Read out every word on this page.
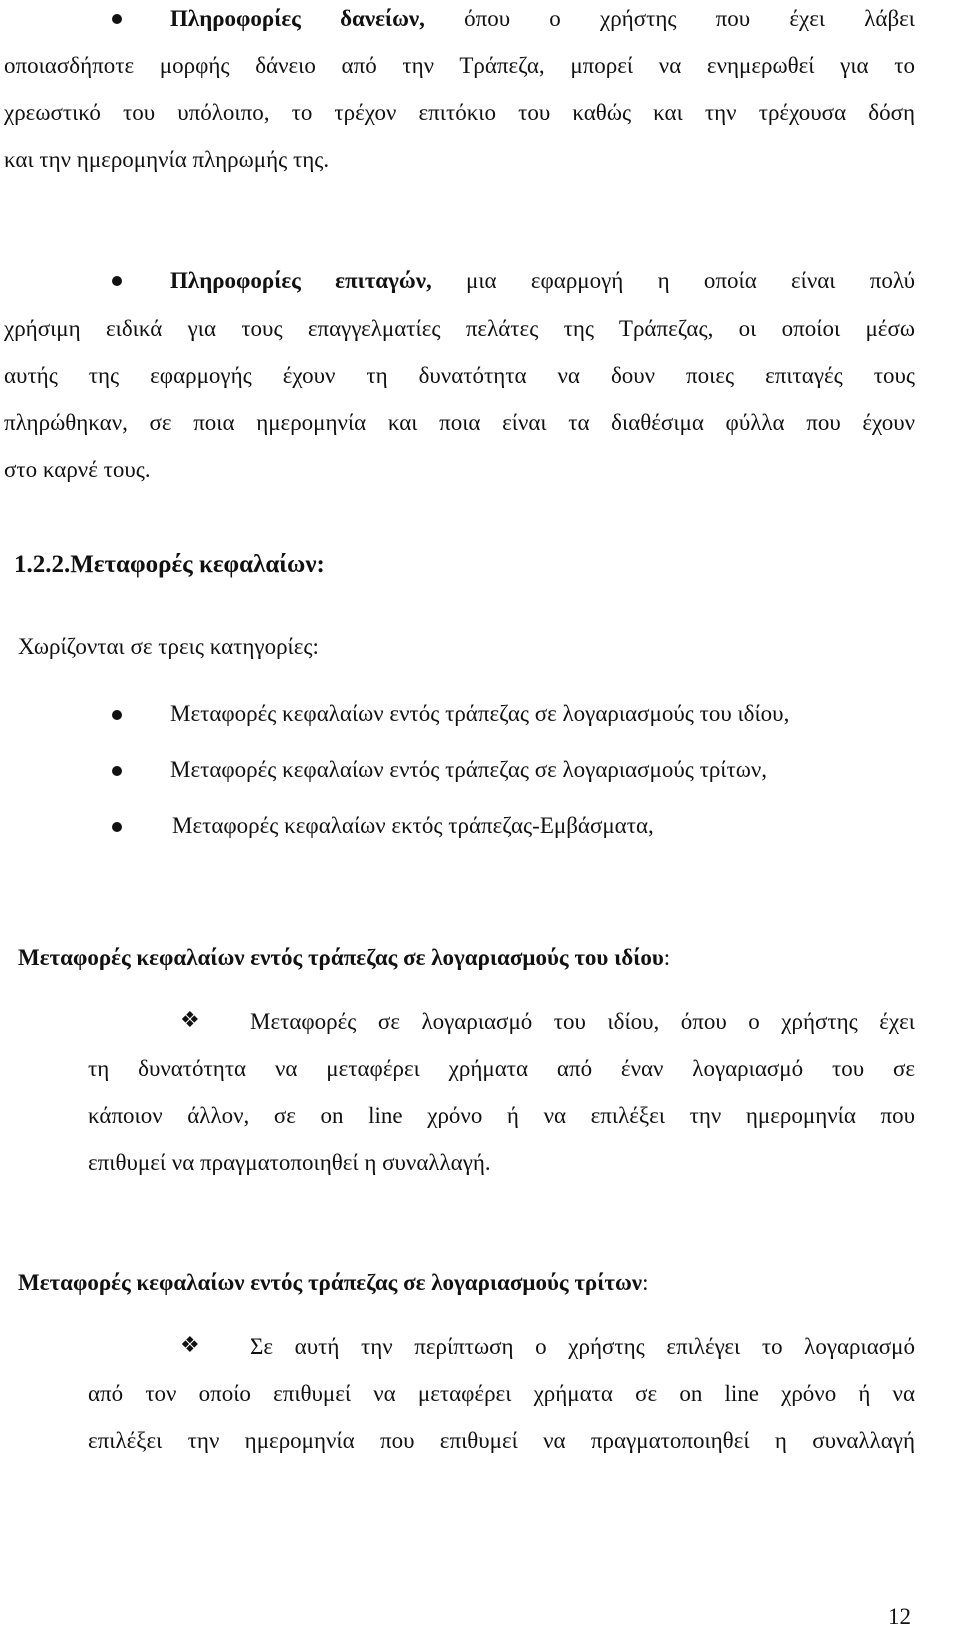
Πληροφορίες δανείων, όπου ο χρήστης που έχει λάβει
οποιασδήποτε μορφής δάνειο από την Τράπεζα, μπορεί να ενημερωθεί για το
χρεωστικό του υπόλοιπο, το τρέχον επιτόκιο του καθώς και την τρέχουσα δόση
και την ημερομηνία πληρωμής της.
Πληροφορίες επιταγών, μια εφαρμογή η οποία είναι πολύ
χρήσιμη ειδικά για τους επαγγελματίες πελάτες της Τράπεζας, οι οποίοι μέσω
αυτής της εφαρμογής έχουν τη δυνατότητα να δουν ποιες επιταγές τους
πληρώθηκαν, σε ποια ημερομηνία και ποια είναι τα διαθέσιμα φύλλα που έχουν
στο καρνέ τους.
1.2.2.Μεταφορές κεφαλαίων:
Χωρίζονται σε τρεις κατηγορίες:
Μεταφορές κεφαλαίων εντός τράπεζας σε λογαριασμούς του ιδίου,
Μεταφορές κεφαλαίων εντός τράπεζας σε λογαριασμούς τρίτων,
Μεταφορές κεφαλαίων εκτός τράπεζας-Εμβάσματα,
Μεταφορές κεφαλαίων εντός τράπεζας σε λογαριασμούς του ιδίου:
❖ Μεταφορές σε λογαριασμό του ιδίου, όπου ο χρήστης έχει
τη δυνατότητα να μεταφέρει χρήματα από έναν λογαριασμό του σε
κάποιον άλλον, σε on line χρόνο ή να επιλέξει την ημερομηνία που
επιθυμεί να πραγματοποιηθεί η συναλλαγή.
Μεταφορές κεφαλαίων εντός τράπεζας σε λογαριασμούς τρίτων:
❖ Σε αυτή την περίπτωση ο χρήστης επιλέγει το λογαριασμό
από τον οποίο επιθυμεί να μεταφέρει χρήματα σε on line χρόνο ή να
επιλέξει την ημερομηνία που επιθυμεί να πραγματοποιηθεί η συναλλαγή
12
